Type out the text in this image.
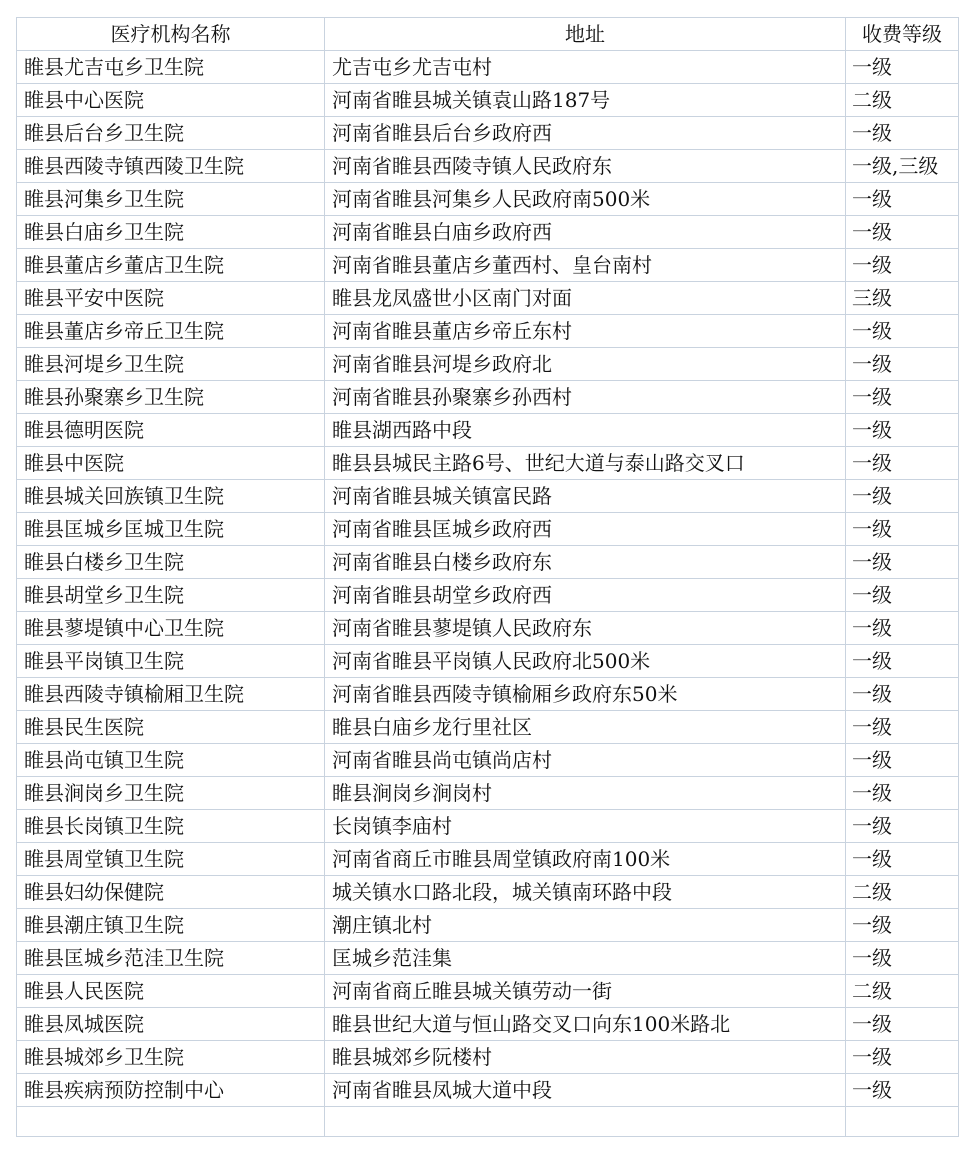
医疗机构名称	地址	收费等级
睢县尤吉屯乡卫生院	尤吉屯乡尤吉屯村	一级
睢县中心医院	河南省睢县城关镇袁山路187号	二级
睢县后台乡卫生院	河南省睢县后台乡政府西	一级
睢县西陵寺镇西陵卫生院	河南省睢县西陵寺镇人民政府东	一级,三级
睢县河集乡卫生院	河南省睢县河集乡人民政府南500米	一级
睢县白庙乡卫生院	河南省睢县白庙乡政府西	一级
睢县董店乡董店卫生院	河南省睢县董店乡董西村、皇台南村	一级
睢县平安中医院	睢县龙凤盛世小区南门对面	三级
睢县董店乡帝丘卫生院	河南省睢县董店乡帝丘东村	一级
睢县河堤乡卫生院	河南省睢县河堤乡政府北	一级
睢县孙聚寨乡卫生院	河南省睢县孙聚寨乡孙西村	一级
睢县德明医院	睢县湖西路中段	一级
睢县中医院	睢县县城民主路6号、世纪大道与泰山路交叉口	一级
睢县城关回族镇卫生院	河南省睢县城关镇富民路	一级
睢县匡城乡匡城卫生院	河南省睢县匡城乡政府西	一级
睢县白楼乡卫生院	河南省睢县白楼乡政府东	一级
睢县胡堂乡卫生院	河南省睢县胡堂乡政府西	一级
睢县蓼堤镇中心卫生院	河南省睢县蓼堤镇人民政府东	一级
睢县平岗镇卫生院	河南省睢县平岗镇人民政府北500米	一级
睢县西陵寺镇榆厢卫生院	河南省睢县西陵寺镇榆厢乡政府东50米	一级
睢县民生医院	睢县白庙乡龙行里社区	一级
睢县尚屯镇卫生院	河南省睢县尚屯镇尚店村	一级
睢县涧岗乡卫生院	睢县涧岗乡涧岗村	一级
睢县长岗镇卫生院	长岗镇李庙村	一级
睢县周堂镇卫生院	河南省商丘市睢县周堂镇政府南100米	一级
睢县妇幼保健院	城关镇水口路北段，城关镇南环路中段	二级
睢县潮庄镇卫生院	潮庄镇北村	一级
睢县匡城乡范洼卫生院	匡城乡范洼集	一级
睢县人民医院	河南省商丘睢县城关镇劳动一街	二级
睢县凤城医院	睢县世纪大道与恒山路交叉口向东100米路北	一级
睢县城郊乡卫生院	睢县城郊乡阮楼村	一级
睢县疾病预防控制中心	河南省睢县凤城大道中段	一级
